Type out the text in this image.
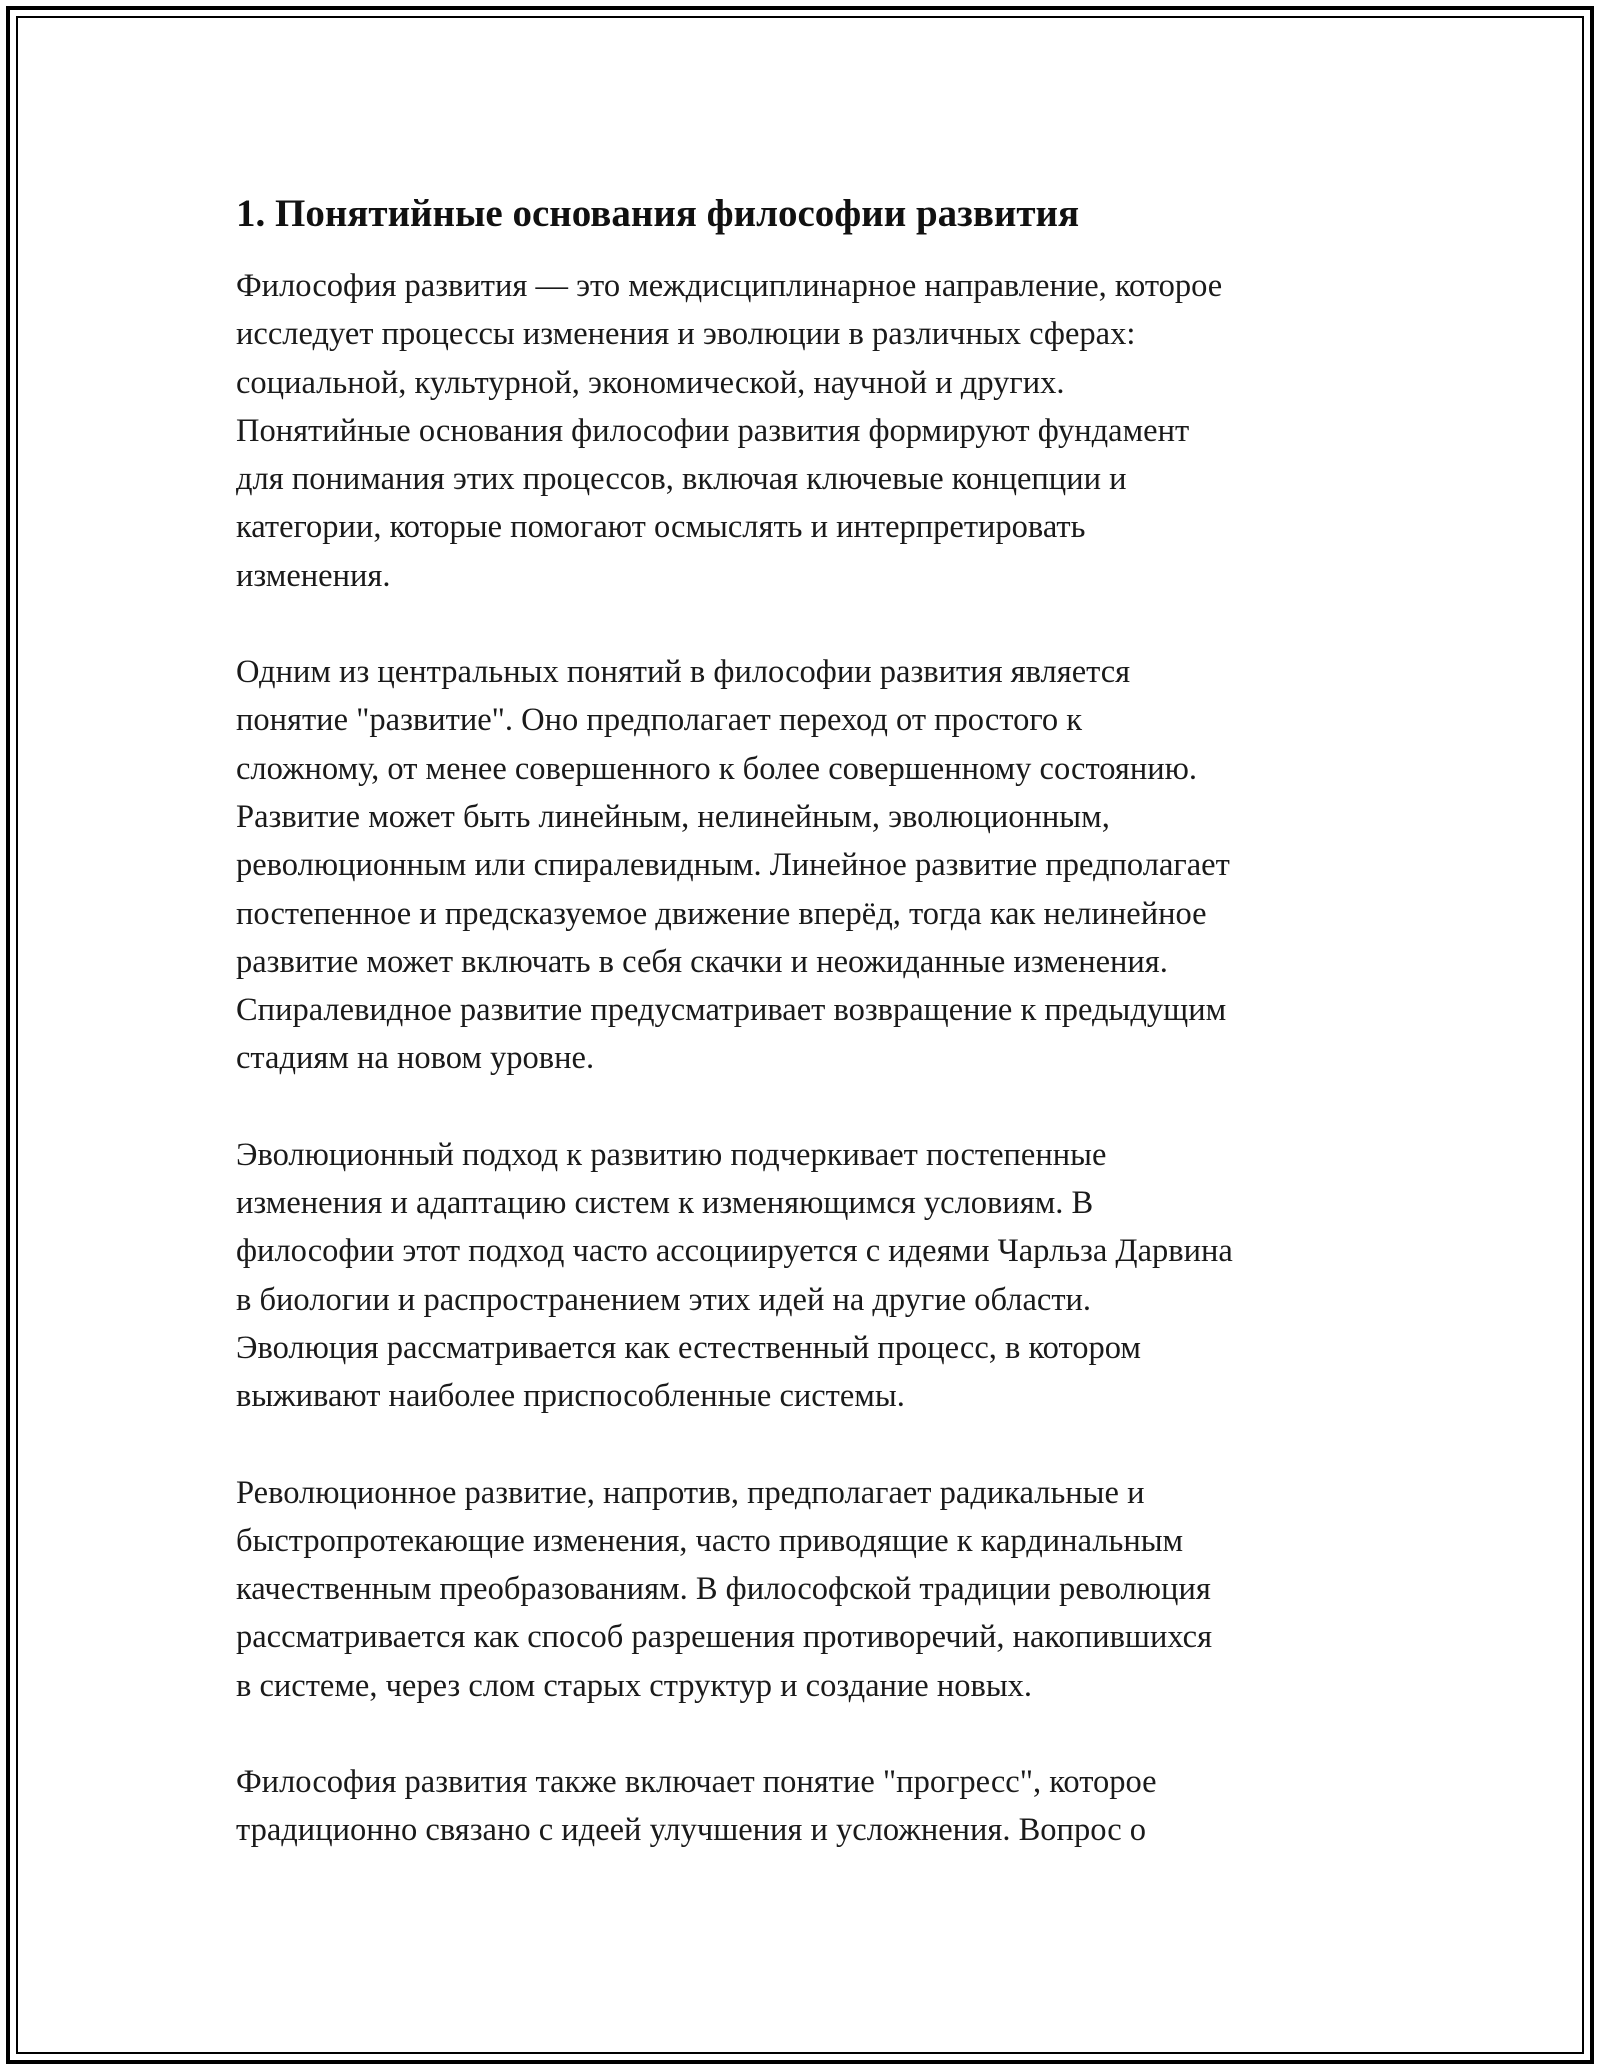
1. Понятийные основания философии развития

Философия развития — это междисциплинарное направление, которое
исследует процессы изменения и эволюции в различных сферах:
социальной, культурной, экономической, научной и других.
Понятийные основания философии развития формируют фундамент
для понимания этих процессов, включая ключевые концепции и
категории, которые помогают осмыслять и интерпретировать
изменения.

Одним из центральных понятий в философии развития является
понятие "развитие". Оно предполагает переход от простого к
сложному, от менее совершенного к более совершенному состоянию.
Развитие может быть линейным, нелинейным, эволюционным,
революционным или спиралевидным. Линейное развитие предполагает
постепенное и предсказуемое движение вперёд, тогда как нелинейное
развитие может включать в себя скачки и неожиданные изменения.
Спиралевидное развитие предусматривает возвращение к предыдущим
стадиям на новом уровне.

Эволюционный подход к развитию подчеркивает постепенные
изменения и адаптацию систем к изменяющимся условиям. В
философии этот подход часто ассоциируется с идеями Чарльза Дарвина
в биологии и распространением этих идей на другие области.
Эволюция рассматривается как естественный процесс, в котором
выживают наиболее приспособленные системы.

Революционное развитие, напротив, предполагает радикальные и
быстропротекающие изменения, часто приводящие к кардинальным
качественным преобразованиям. В философской традиции революция
рассматривается как способ разрешения противоречий, накопившихся
в системе, через слом старых структур и создание новых.

Философия развития также включает понятие "прогресс", которое
традиционно связано с идеей улучшения и усложнения. Вопрос о
